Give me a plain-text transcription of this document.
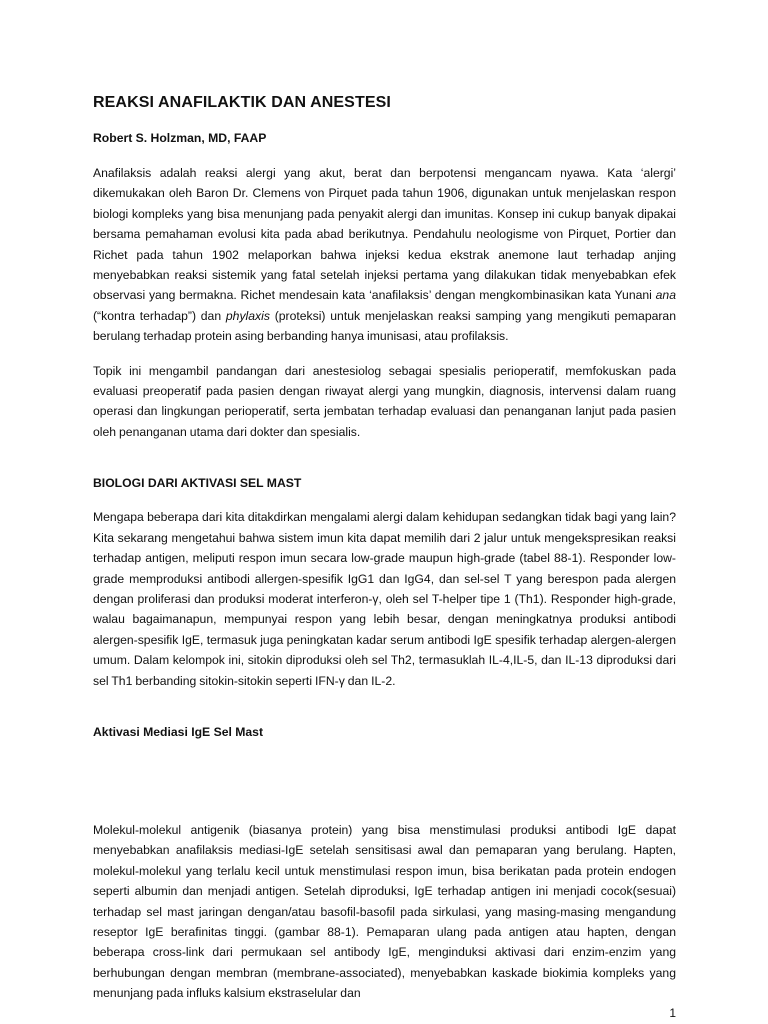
REAKSI ANAFILAKTIK DAN ANESTESI
Robert S. Holzman, MD, FAAP

Anafilaksis adalah reaksi alergi yang akut, berat dan berpotensi mengancam nyawa. Kata ‘alergi’ dikemukakan oleh Baron Dr. Clemens von Pirquet pada tahun 1906, digunakan untuk menjelaskan respon biologi kompleks yang bisa menunjang pada penyakit alergi dan imunitas. Konsep ini cukup banyak dipakai bersama pemahaman evolusi kita pada abad berikutnya. Pendahulu neologisme von Pirquet, Portier dan Richet pada tahun 1902 melaporkan bahwa injeksi kedua ekstrak anemone laut terhadap anjing menyebabkan reaksi sistemik yang fatal setelah injeksi pertama yang dilakukan tidak menyebabkan efek observasi yang bermakna. Richet mendesain kata ‘anafilaksis’ dengan mengkombinasikan kata Yunani ana (“kontra terhadap”) dan phylaxis (proteksi) untuk menjelaskan reaksi samping yang mengikuti pemaparan berulang terhadap protein asing berbanding hanya imunisasi, atau profilaksis.

Topik ini mengambil pandangan dari anestesiolog sebagai spesialis perioperatif, memfokuskan pada evaluasi preoperatif pada pasien dengan riwayat alergi yang mungkin, diagnosis, intervensi dalam ruang operasi dan lingkungan perioperatif, serta jembatan terhadap evaluasi dan penanganan lanjut pada pasien oleh penanganan utama dari dokter dan spesialis.

BIOLOGI DARI AKTIVASI SEL MAST

Mengapa beberapa dari kita ditakdirkan mengalami alergi dalam kehidupan sedangkan tidak bagi yang lain? Kita sekarang mengetahui bahwa sistem imun kita dapat memilih dari 2 jalur untuk mengekspresikan reaksi terhadap antigen, meliputi respon imun secara low-grade maupun high-grade (tabel 88-1). Responder low-grade memproduksi antibodi allergen-spesifik IgG1 dan IgG4, dan sel-sel T yang berespon pada alergen dengan proliferasi dan produksi moderat interferon-γ, oleh sel T-helper tipe 1 (Th1). Responder high-grade, walau bagaimanapun, mempunyai respon yang lebih besar, dengan meningkatnya produksi antibodi alergen-spesifik IgE, termasuk juga peningkatan kadar serum antibodi IgE spesifik terhadap alergen-alergen umum. Dalam kelompok ini, sitokin diproduksi oleh sel Th2, termasuklah IL-4,IL-5, dan IL-13 diproduksi dari sel Th1 berbanding sitokin-sitokin seperti IFN-γ dan IL-2.

Aktivasi Mediasi IgE Sel Mast

Molekul-molekul antigenik (biasanya protein) yang bisa menstimulasi produksi antibodi IgE dapat menyebabkan anafilaksis mediasi-IgE setelah sensitisasi awal dan pemaparan yang berulang. Hapten, molekul-molekul yang terlalu kecil untuk menstimulasi respon imun, bisa berikatan pada protein endogen seperti albumin dan menjadi antigen. Setelah diproduksi, IgE terhadap antigen ini menjadi cocok(sesuai) terhadap sel mast jaringan dengan/atau basofil-basofil pada sirkulasi, yang masing-masing mengandung reseptor IgE berafinitas tinggi. (gambar 88-1). Pemaparan ulang pada antigen atau hapten, dengan beberapa cross-link dari permukaan sel antibody IgE, menginduksi aktivasi dari enzim-enzim yang berhubungan dengan membran (membrane-associated), menyebabkan kaskade biokimia kompleks yang menunjang pada influks kalsium ekstraselular dan

1
